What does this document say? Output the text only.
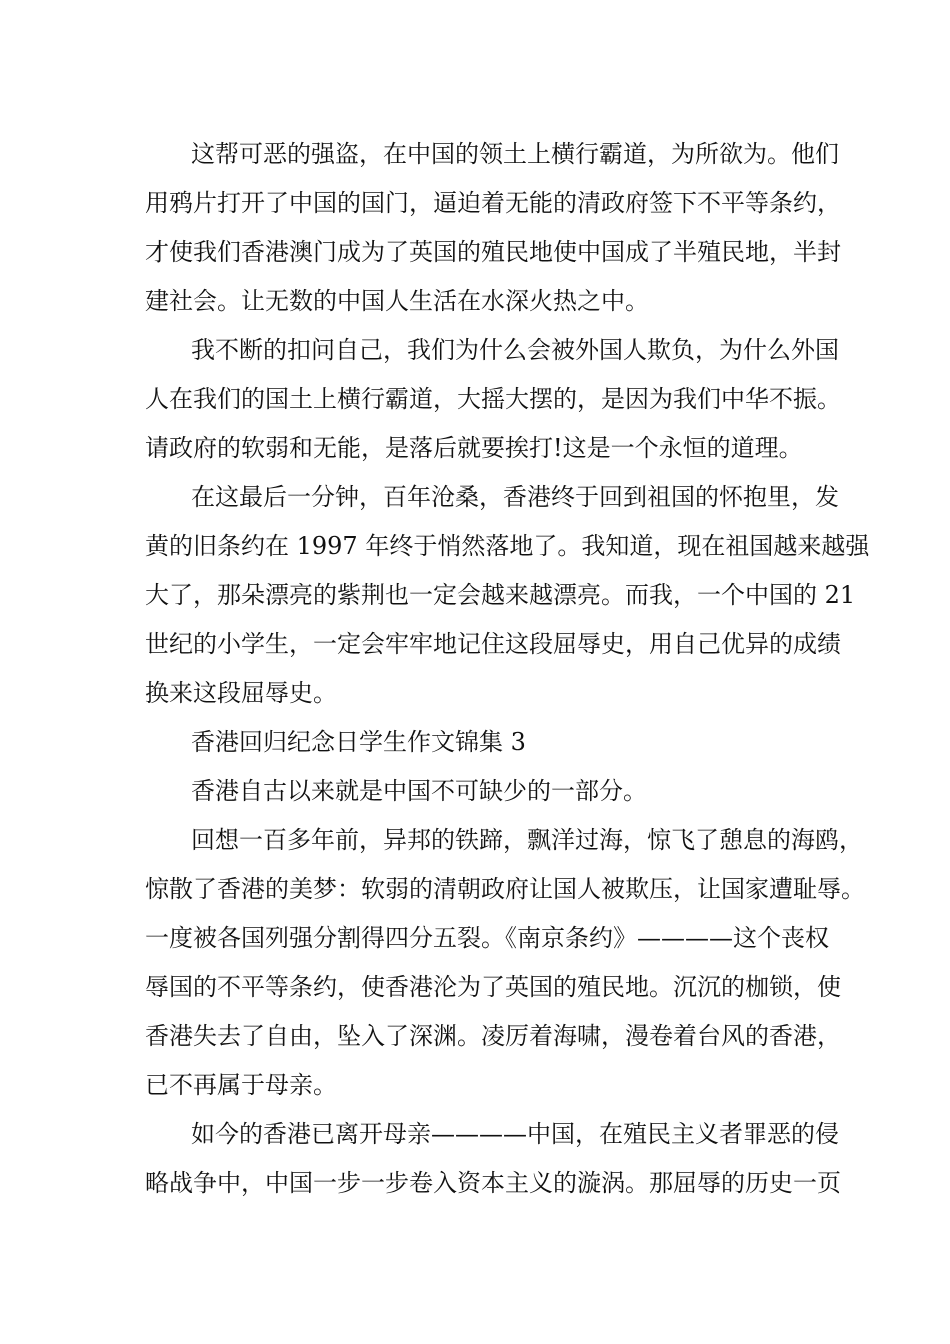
这帮可恶的强盗，在中国的领土上横行霸道，为所欲为。他们
用鸦片打开了中国的国门，逼迫着无能的清政府签下不平等条约，
才使我们香港澳门成为了英国的殖民地使中国成了半殖民地，半封
建社会。让无数的中国人生活在水深火热之中。
我不断的扣问自己，我们为什么会被外国人欺负，为什么外国
人在我们的国土上横行霸道，大摇大摆的，是因为我们中华不振。
请政府的软弱和无能，是落后就要挨打!这是一个永恒的道理。
在这最后一分钟，百年沧桑，香港终于回到祖国的怀抱里，发
黄的旧条约在 1997 年终于悄然落地了。我知道，现在祖国越来越强
大了，那朵漂亮的紫荆也一定会越来越漂亮。而我，一个中国的 21
世纪的小学生，一定会牢牢地记住这段屈辱史，用自己优异的成绩
换来这段屈辱史。
香港回归纪念日学生作文锦集 3
香港自古以来就是中国不可缺少的一部分。
回想一百多年前，异邦的铁蹄，飘洋过海，惊飞了憩息的海鸥，
惊散了香港的美梦：软弱的清朝政府让国人被欺压，让国家遭耻辱。
一度被各国列强分割得四分五裂。《南京条约》————这个丧权
辱国的不平等条约，使香港沦为了英国的殖民地。沉沉的枷锁，使
香港失去了自由，坠入了深渊。凌厉着海啸，漫卷着台风的香港，
已不再属于母亲。
如今的香港已离开母亲————中国，在殖民主义者罪恶的侵
略战争中，中国一步一步卷入资本主义的漩涡。那屈辱的历史一页
